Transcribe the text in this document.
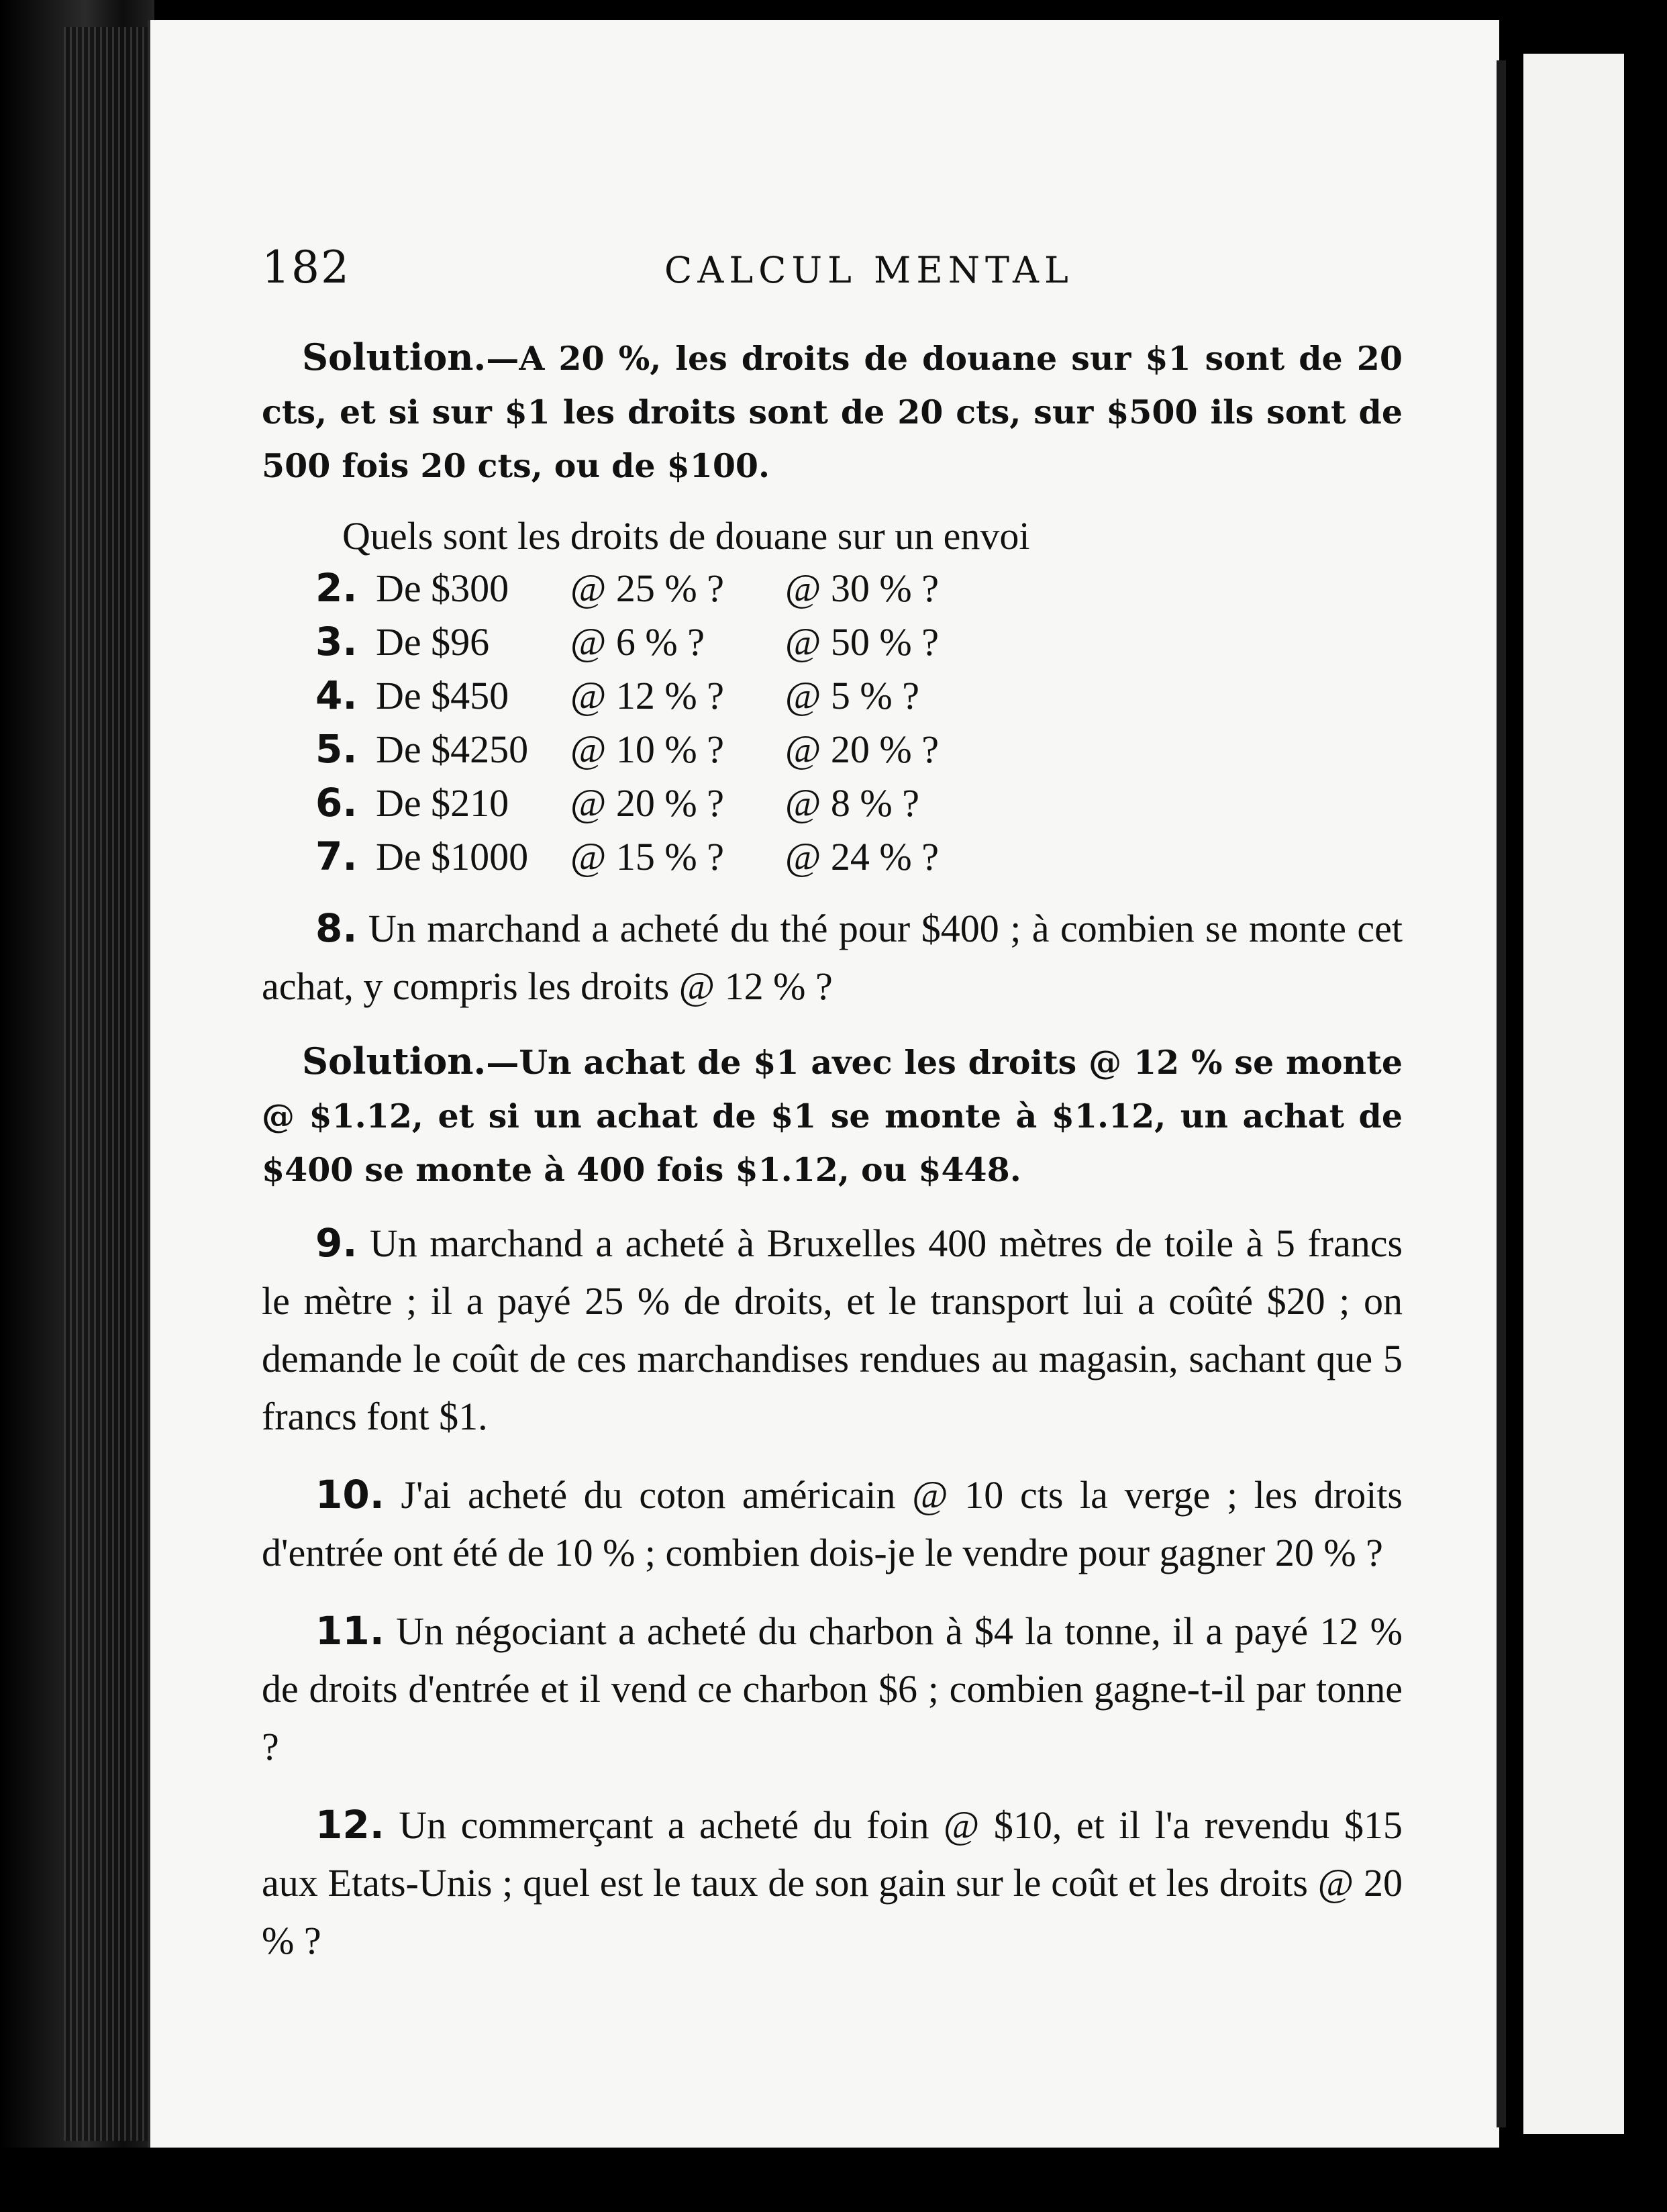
182	CALCUL MENTAL

Solution.—A 20 %, les droits de douane sur $1 sont de 20 cts, et si sur $1 les droits sont de 20 cts, sur $500 ils sont de 500 fois 20 cts, ou de $100.

Quels sont les droits de douane sur un envoi

2. De $300	@ 25 % ?	@ 30 % ?
3. De $96	@ 6 % ?	@ 50 % ?
4. De $450	@ 12 % ?	@ 5 % ?
5. De $4250	@ 10 % ?	@ 20 % ?
6. De $210	@ 20 % ?	@ 8 % ?
7. De $1000	@ 15 % ?	@ 24 % ?

8. Un marchand a acheté du thé pour $400 ; à combien se monte cet achat, y compris les droits @ 12 % ?

Solution.—Un achat de $1 avec les droits @ 12 % se monte @ $1.12, et si un achat de $1 se monte à $1.12, un achat de $400 se monte à 400 fois $1.12, ou $448.

9. Un marchand a acheté à Bruxelles 400 mètres de toile à 5 francs le mètre ; il a payé 25 % de droits, et le transport lui a coûté $20 ; on demande le coût de ces marchandises rendues au magasin, sachant que 5 francs font $1.

10. J'ai acheté du coton américain @ 10 cts la verge ; les droits d'entrée ont été de 10 % ; combien dois-je le vendre pour gagner 20 % ?

11. Un négociant a acheté du charbon à $4 la tonne, il a payé 12 % de droits d'entrée et il vend ce charbon $6 ; combien gagne-t-il par tonne ?

12. Un commerçant a acheté du foin @ $10, et il l'a revendu $15 aux Etats-Unis ; quel est le taux de son gain sur le coût et les droits @ 20 % ?
